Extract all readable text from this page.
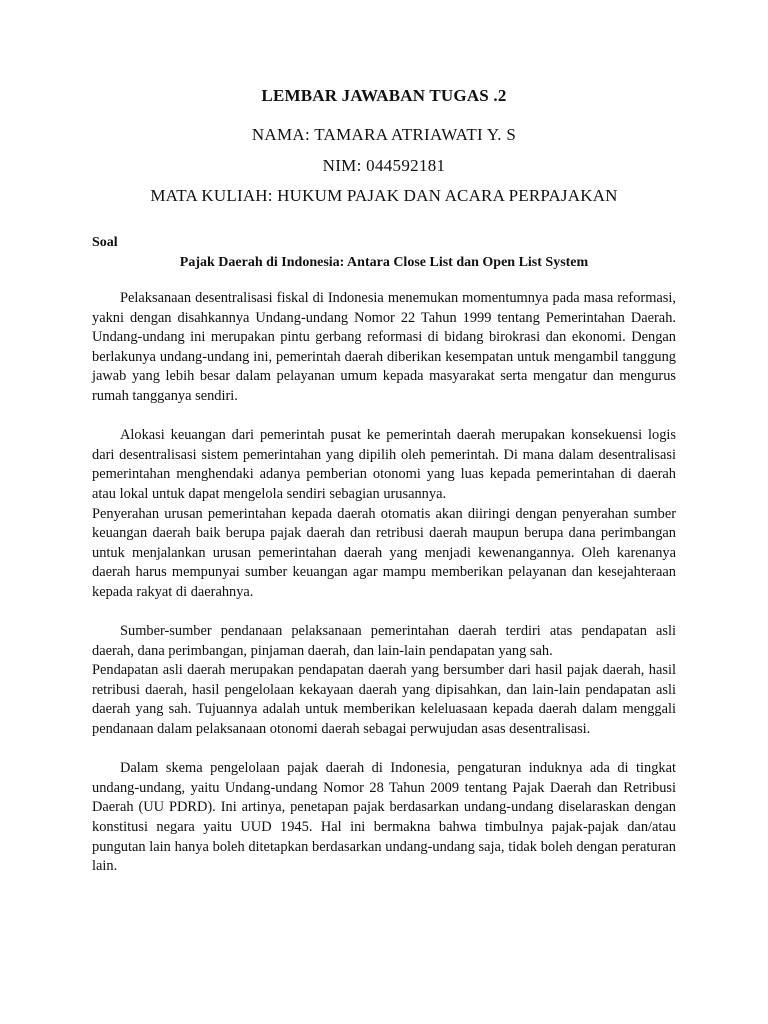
LEMBAR JAWABAN TUGAS .2
NAMA: TAMARA ATRIAWATI Y. S
NIM: 044592181
MATA KULIAH: HUKUM PAJAK DAN ACARA PERPAJAKAN
Soal
Pajak Daerah di Indonesia: Antara Close List dan Open List System

Pelaksanaan desentralisasi fiskal di Indonesia menemukan momentumnya pada masa reformasi, yakni dengan disahkannya Undang-undang Nomor 22 Tahun 1999 tentang Pemerintahan Daerah. Undang-undang ini merupakan pintu gerbang reformasi di bidang birokrasi dan ekonomi. Dengan berlakunya undang-undang ini, pemerintah daerah diberikan kesempatan untuk mengambil tanggung jawab yang lebih besar dalam pelayanan umum kepada masyarakat serta mengatur dan mengurus rumah tangganya sendiri.

Alokasi keuangan dari pemerintah pusat ke pemerintah daerah merupakan konsekuensi logis dari desentralisasi sistem pemerintahan yang dipilih oleh pemerintah. Di mana dalam desentralisasi pemerintahan menghendaki adanya pemberian otonomi yang luas kepada pemerintahan di daerah atau lokal untuk dapat mengelola sendiri sebagian urusannya.

Penyerahan urusan pemerintahan kepada daerah otomatis akan diiringi dengan penyerahan sumber keuangan daerah baik berupa pajak daerah dan retribusi daerah maupun berupa dana perimbangan untuk menjalankan urusan pemerintahan daerah yang menjadi kewenangannya. Oleh karenanya daerah harus mempunyai sumber keuangan agar mampu memberikan pelayanan dan kesejahteraan kepada rakyat di daerahnya.

Sumber-sumber pendanaan pelaksanaan pemerintahan daerah terdiri atas pendapatan asli daerah, dana perimbangan, pinjaman daerah, dan lain-lain pendapatan yang sah.

Pendapatan asli daerah merupakan pendapatan daerah yang bersumber dari hasil pajak daerah, hasil retribusi daerah, hasil pengelolaan kekayaan daerah yang dipisahkan, dan lain-lain pendapatan asli daerah yang sah. Tujuannya adalah untuk memberikan keleluasaan kepada daerah dalam menggali pendanaan dalam pelaksanaan otonomi daerah sebagai perwujudan asas desentralisasi.

Dalam skema pengelolaan pajak daerah di Indonesia, pengaturan induknya ada di tingkat undang-undang, yaitu Undang-undang Nomor 28 Tahun 2009 tentang Pajak Daerah dan Retribusi Daerah (UU PDRD). Ini artinya, penetapan pajak berdasarkan undang-undang diselaraskan dengan konstitusi negara yaitu UUD 1945. Hal ini bermakna bahwa timbulnya pajak-pajak dan/atau pungutan lain hanya boleh ditetapkan berdasarkan undang-undang saja, tidak boleh dengan peraturan lain.
